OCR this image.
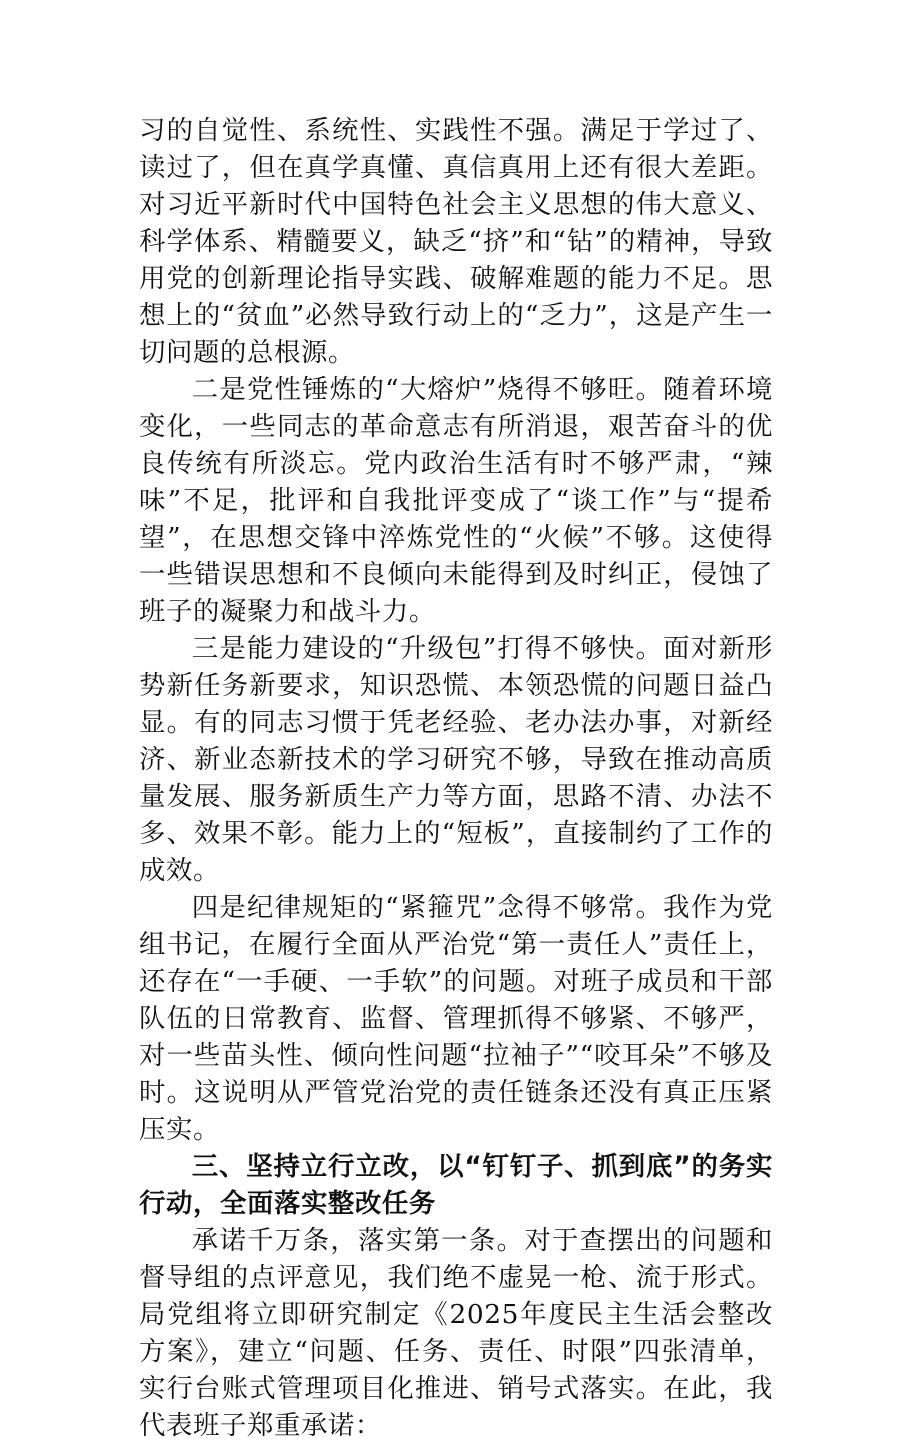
习的自觉性、系统性、实践性不强。满足于学过了、读过了，但在真学真懂、真信真用上还有很大差距。对习近平新时代中国特色社会主义思想的伟大意义、科学体系、精髓要义，缺乏“挤”和“钻”的精神，导致用党的创新理论指导实践、破解难题的能力不足。思想上的“贫血”必然导致行动上的“乏力”，这是产生一切问题的总根源。

二是党性锤炼的“大熔炉”烧得不够旺。随着环境变化，一些同志的革命意志有所消退，艰苦奋斗的优良传统有所淡忘。党内政治生活有时不够严肃，“辣味”不足，批评和自我批评变成了“谈工作”与“提希望”，在思想交锋中淬炼党性的“火候”不够。这使得一些错误思想和不良倾向未能得到及时纠正，侵蚀了班子的凝聚力和战斗力。

三是能力建设的“升级包”打得不够快。面对新形势新任务新要求，知识恐慌、本领恐慌的问题日益凸显。有的同志习惯于凭老经验、老办法办事，对新经济、新业态新技术的学习研究不够，导致在推动高质量发展、服务新质生产力等方面，思路不清、办法不多、效果不彰。能力上的“短板”，直接制约了工作的成效。

四是纪律规矩的“紧箍咒”念得不够常。我作为党组书记，在履行全面从严治党“第一责任人”责任上，还存在“一手硬、一手软”的问题。对班子成员和干部队伍的日常教育、监督、管理抓得不够紧、不够严，对一些苗头性、倾向性问题“拉袖子”“咬耳朵”不够及时。这说明从严管党治党的责任链条还没有真正压紧压实。

三、坚持立行立改，以“钉钉子、抓到底”的务实行动，全面落实整改任务

承诺千万条，落实第一条。对于查摆出的问题和督导组的点评意见，我们绝不虚晃一枪、流于形式。局党组将立即研究制定《2025年度民主生活会整改方案》，建立“问题、任务、责任、时限”四张清单，实行台账式管理项目化推进、销号式落实。在此，我代表班子郑重承诺：
